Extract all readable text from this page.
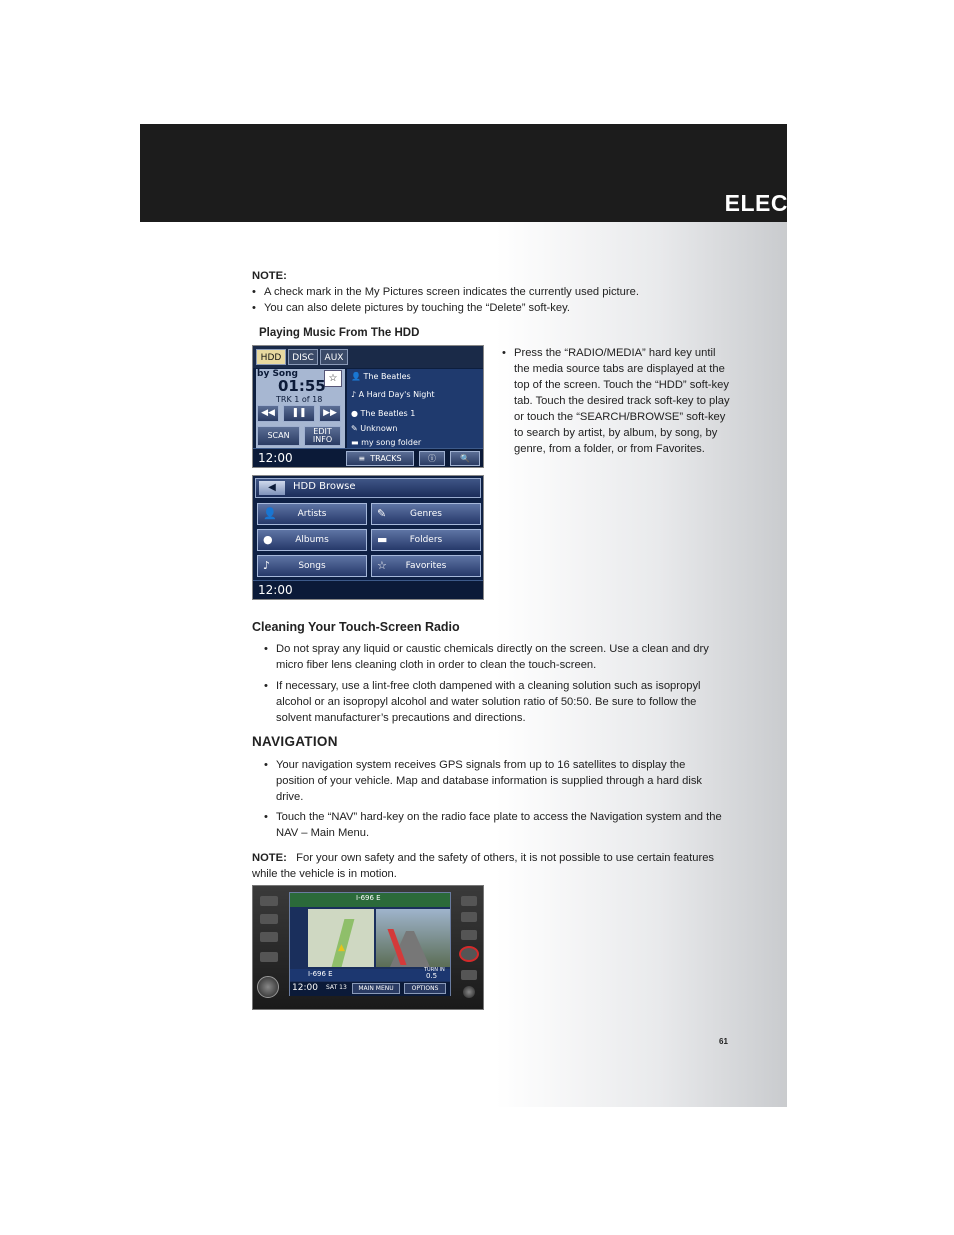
ELECTRONICS
NOTE:
• A check mark in the My Pictures screen indicates the currently used picture.
• You can also delete pictures by touching the “Delete” soft-key.
Playing Music From The HDD
• Press the “RADIO/MEDIA” hard key until the media source tabs are displayed at the top of the screen. Touch the “HDD” soft-key tab. Touch the desired track soft-key to play or touch the “SEARCH/BROWSE” soft-key to search by artist, by album, by song, by genre, from a folder, or from Favorites.
Cleaning Your Touch-Screen Radio
• Do not spray any liquid or caustic chemicals directly on the screen. Use a clean and dry micro fiber lens cleaning cloth in order to clean the touch-screen.
• If necessary, use a lint-free cloth dampened with a cleaning solution such as isopropyl alcohol or an isopropyl alcohol and water solution ratio of 50:50. Be sure to follow the solvent manufacturer’s precautions and directions.
NAVIGATION
• Your navigation system receives GPS signals from up to 16 satellites to display the position of your vehicle. Map and database information is supplied through a hard disk drive.
• Touch the “NAV” hard-key on the radio face plate to access the Navigation system and the NAV – Main Menu.
NOTE: For your own safety and the safety of others, it is not possible to use certain features while the vehicle is in motion.
HDD	DISC	AUX
by Song	☆
01:55
TRK 1 of 18
◀◀	❚❚	▶▶
SCAN	EDIT
INFO
👤 The Beatles
♪ A Hard Day's Night
● The Beatles 1
✎ Unknown
▬ my song folder
12:00	≡ TRACKS	ⓘ	🔍
◀	HDD Browse
👤	Artists	✎	Genres
●	Albums	▬	Folders
♪	Songs	☆	Favorites
12:00
I-696 E
▲
I-696 E	TURN IN
0.5
12:00 SAT 13	MAIN MENU	OPTIONS
61
